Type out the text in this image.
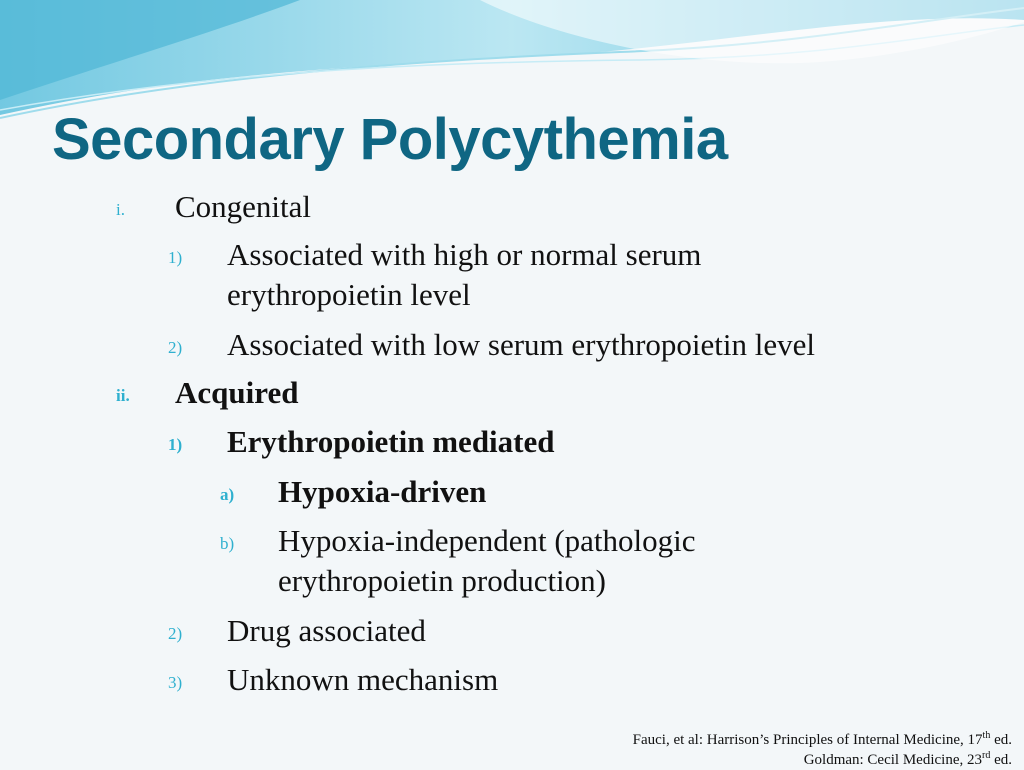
Secondary Polycythemia
i. Congenital
1) Associated with high or normal serum
erythropoietin level
2) Associated with low serum erythropoietin level
ii. Acquired
1) Erythropoietin mediated
a) Hypoxia-driven
b) Hypoxia-independent (pathologic
erythropoietin production)
2) Drug associated
3) Unknown mechanism
Fauci, et al: Harrison’s Principles of Internal Medicine, 17th ed.
Goldman: Cecil Medicine, 23rd ed.
